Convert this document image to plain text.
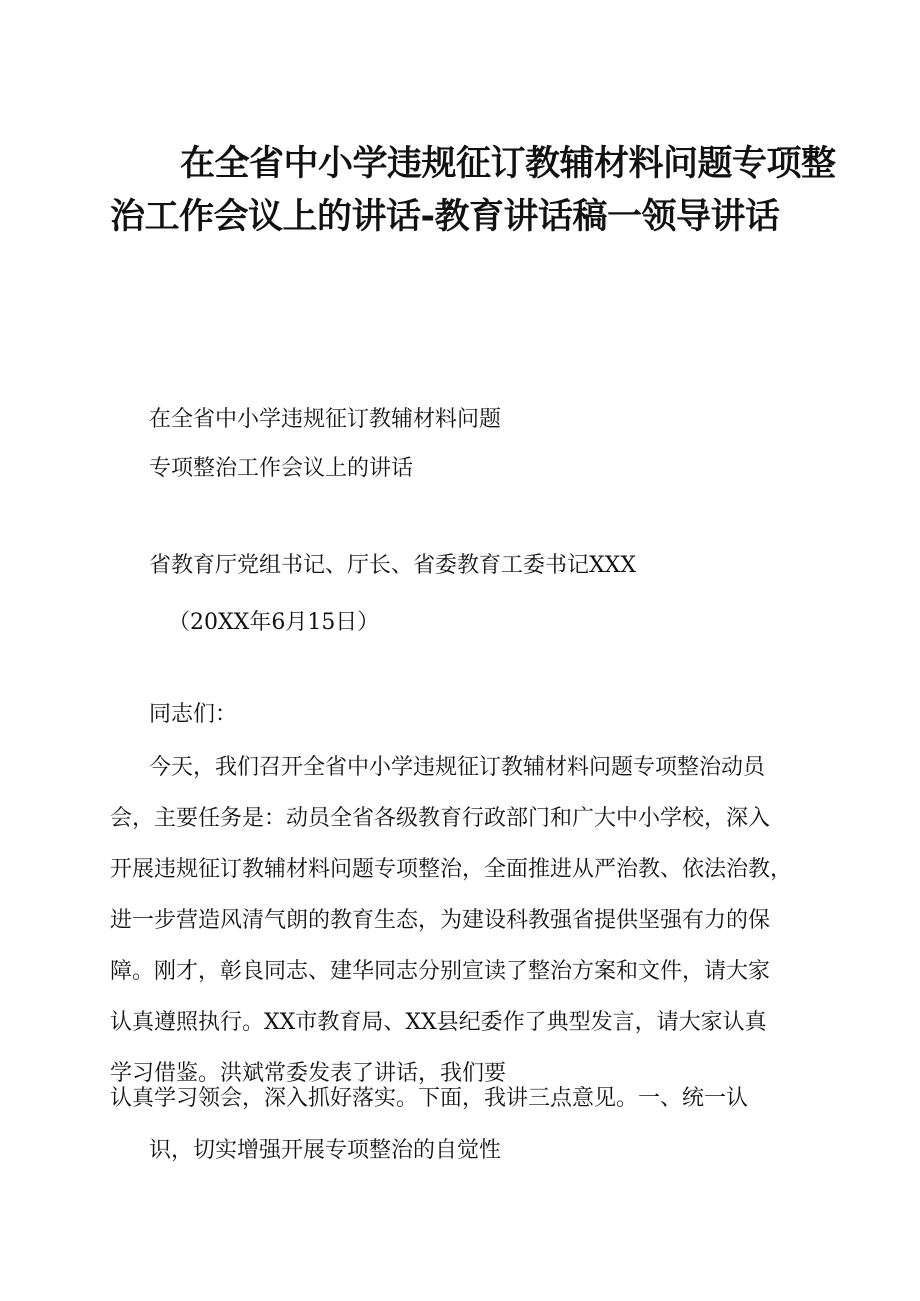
在全省中小学违规征订教辅材料问题专项整
治工作会议上的讲话-教育讲话稿一领导讲话
在全省中小学违规征订教辅材料问题
专项整治工作会议上的讲话
省教育厅党组书记、厅长、省委教育工委书记XXX
（20XX年6月15日）
同志们：
今天，我们召开全省中小学违规征订教辅材料问题专项整治动员
会，主要任务是：动员全省各级教育行政部门和广大中小学校，深入
开展违规征订教辅材料问题专项整治，全面推进从严治教、依法治教，
进一步营造风清气朗的教育生态，为建设科教强省提供坚强有力的保
障。刚才，彰良同志、建华同志分别宣读了整治方案和文件，请大家
认真遵照执行。XX市教育局、XX县纪委作了典型发言，请大家认真
学习借鉴。洪斌常委发表了讲话，我们要
认真学习领会，深入抓好落实。下面，我讲三点意见。一、统一认
识，切实增强开展专项整治的自觉性
